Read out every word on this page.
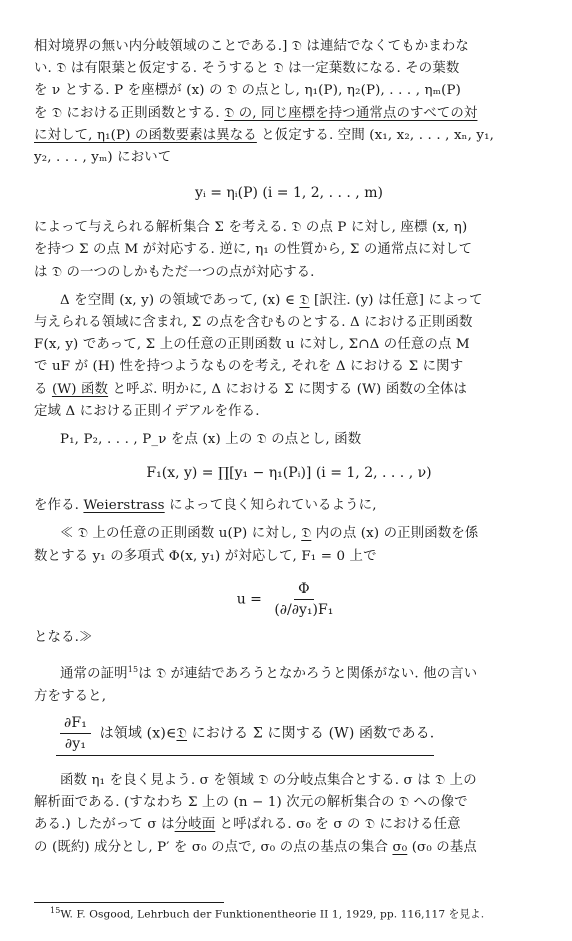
相対境界の無い内分岐領域のことである.] 𝔇 は連結でなくてもかまわな
い. 𝔇 は有限葉と仮定する. そうすると 𝔇 は一定葉数になる. その葉数
を ν とする. P を座標が (x) の 𝔇 の点とし, η₁(P), η₂(P), . . . , ηₘ(P)
を 𝔇 における正則函数とする. 𝔇 の, 同じ座標を持つ通常点のすべての対
に対して, η₁(P) の函数要素は異なる と仮定する. 空間 (x₁, x₂, . . . , xₙ, y₁,
y₂, . . . , yₘ) において

yᵢ = ηᵢ(P) (i = 1, 2, . . . , m)

によって与えられる解析集合 Σ を考える. 𝔇 の点 P に対し, 座標 (x, η)
を持つ Σ の点 M が対応する. 逆に, η₁ の性質から, Σ の通常点に対して
は 𝔇 の一つのしかもただ一つの点が対応する.

Δ を空間 (x, y) の領域であって, (x) ∈ 𝔇 [訳注. (y) は任意] によって
与えられる領域に含まれ, Σ の点を含むものとする. Δ における正則函数
F(x, y) であって, Σ 上の任意の正則函数 u に対し, Σ∩Δ の任意の点 M
で uF が (H) 性を持つようなものを考え, それを Δ における Σ に関す
る (W) 函数 と呼ぶ. 明かに, Δ における Σ に関する (W) 函数の全体は
定域 Δ における正則イデアルを作る.

P₁, P₂, . . . , P_ν を点 (x) 上の 𝔇 の点とし, 函数

F₁(x, y) = ∏[y₁ − η₁(Pᵢ)] (i = 1, 2, . . . , ν)

を作る. Weierstrass によって良く知られているように,

≪ 𝔇 上の任意の正則函数 u(P) に対し, 𝔇 内の点 (x) の正則函数を係
数とする y₁ の多項式 Φ(x, y₁) が対応して, F₁ = 0 上で

$u = \frac{\Phi}{\text{(∂/∂y₁)F₁}}$

となる.≫

通常の証明$^{15}$は 𝔇 が連結であろうとなかろうと関係がない. 他の言い
方をすると,

$\frac{\text{∂F₁}}{\text{∂y₁}}$ は領域 (x)∈𝔇 における Σ に関する (W) 函数である.

函数 η₁ を良く見よう. σ を領域 𝔇 の分岐点集合とする. σ は 𝔇 上の
解析面である. (すなわち Σ 上の (n − 1) 次元の解析集合の 𝔇 への像で
ある.) したがって σ は分岐面 と呼ばれる. σ₀ を σ の 𝔇 における任意
の (既約) 成分とし, P′ を σ₀ の点で, σ₀ の点の基点の集合 σ₀ (σ₀ の基点

$^{15}$W. F. Osgood, Lehrbuch der Funktionentheorie II 1, 1929, pp. 116,117 を見よ.
